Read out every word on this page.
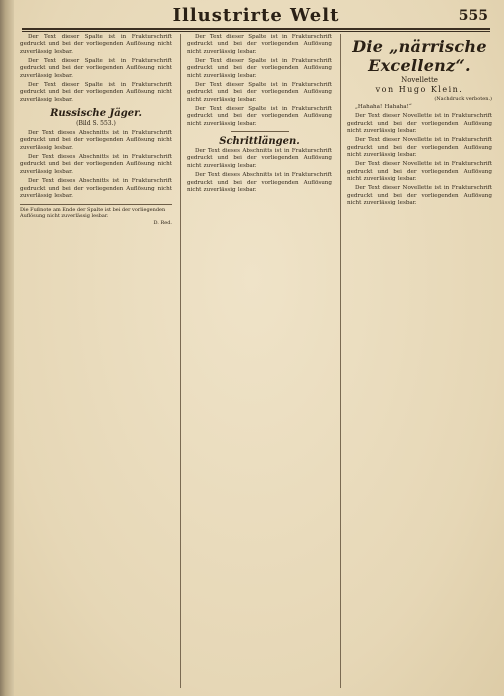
Illustrirte Welt	555

Der Text dieser Spalte ist in Frakturschrift gedruckt und bei der vorliegenden Auflösung nicht zuverlässig lesbar.

Der Text dieser Spalte ist in Frakturschrift gedruckt und bei der vorliegenden Auflösung nicht zuverlässig lesbar.

Der Text dieser Spalte ist in Frakturschrift gedruckt und bei der vorliegenden Auflösung nicht zuverlässig lesbar.

Russische Jäger.
(Bild S. 553.)

Der Text dieses Abschnitts ist in Frakturschrift gedruckt und bei der vorliegenden Auflösung nicht zuverlässig lesbar.

Der Text dieses Abschnitts ist in Frakturschrift gedruckt und bei der vorliegenden Auflösung nicht zuverlässig lesbar.

Der Text dieses Abschnitts ist in Frakturschrift gedruckt und bei der vorliegenden Auflösung nicht zuverlässig lesbar.

Die Fußnote am Ende der Spalte ist bei der vorliegenden Auflösung nicht zuverlässig lesbar.
D. Red.

Der Text dieser Spalte ist in Frakturschrift gedruckt und bei der vorliegenden Auflösung nicht zuverlässig lesbar.

Der Text dieser Spalte ist in Frakturschrift gedruckt und bei der vorliegenden Auflösung nicht zuverlässig lesbar.

Der Text dieser Spalte ist in Frakturschrift gedruckt und bei der vorliegenden Auflösung nicht zuverlässig lesbar.

Der Text dieser Spalte ist in Frakturschrift gedruckt und bei der vorliegenden Auflösung nicht zuverlässig lesbar.

Schrittlängen.

Der Text dieses Abschnitts ist in Frakturschrift gedruckt und bei der vorliegenden Auflösung nicht zuverlässig lesbar.

Der Text dieses Abschnitts ist in Frakturschrift gedruckt und bei der vorliegenden Auflösung nicht zuverlässig lesbar.

Die „närrische Excellenz“.
Novellette
von Hugo Klein.
(Nachdruck verboten.)

„Hahaha! Hahaha!“

Der Text dieser Novellette ist in Frakturschrift gedruckt und bei der vorliegenden Auflösung nicht zuverlässig lesbar.

Der Text dieser Novellette ist in Frakturschrift gedruckt und bei der vorliegenden Auflösung nicht zuverlässig lesbar.

Der Text dieser Novellette ist in Frakturschrift gedruckt und bei der vorliegenden Auflösung nicht zuverlässig lesbar.

Der Text dieser Novellette ist in Frakturschrift gedruckt und bei der vorliegenden Auflösung nicht zuverlässig lesbar.
